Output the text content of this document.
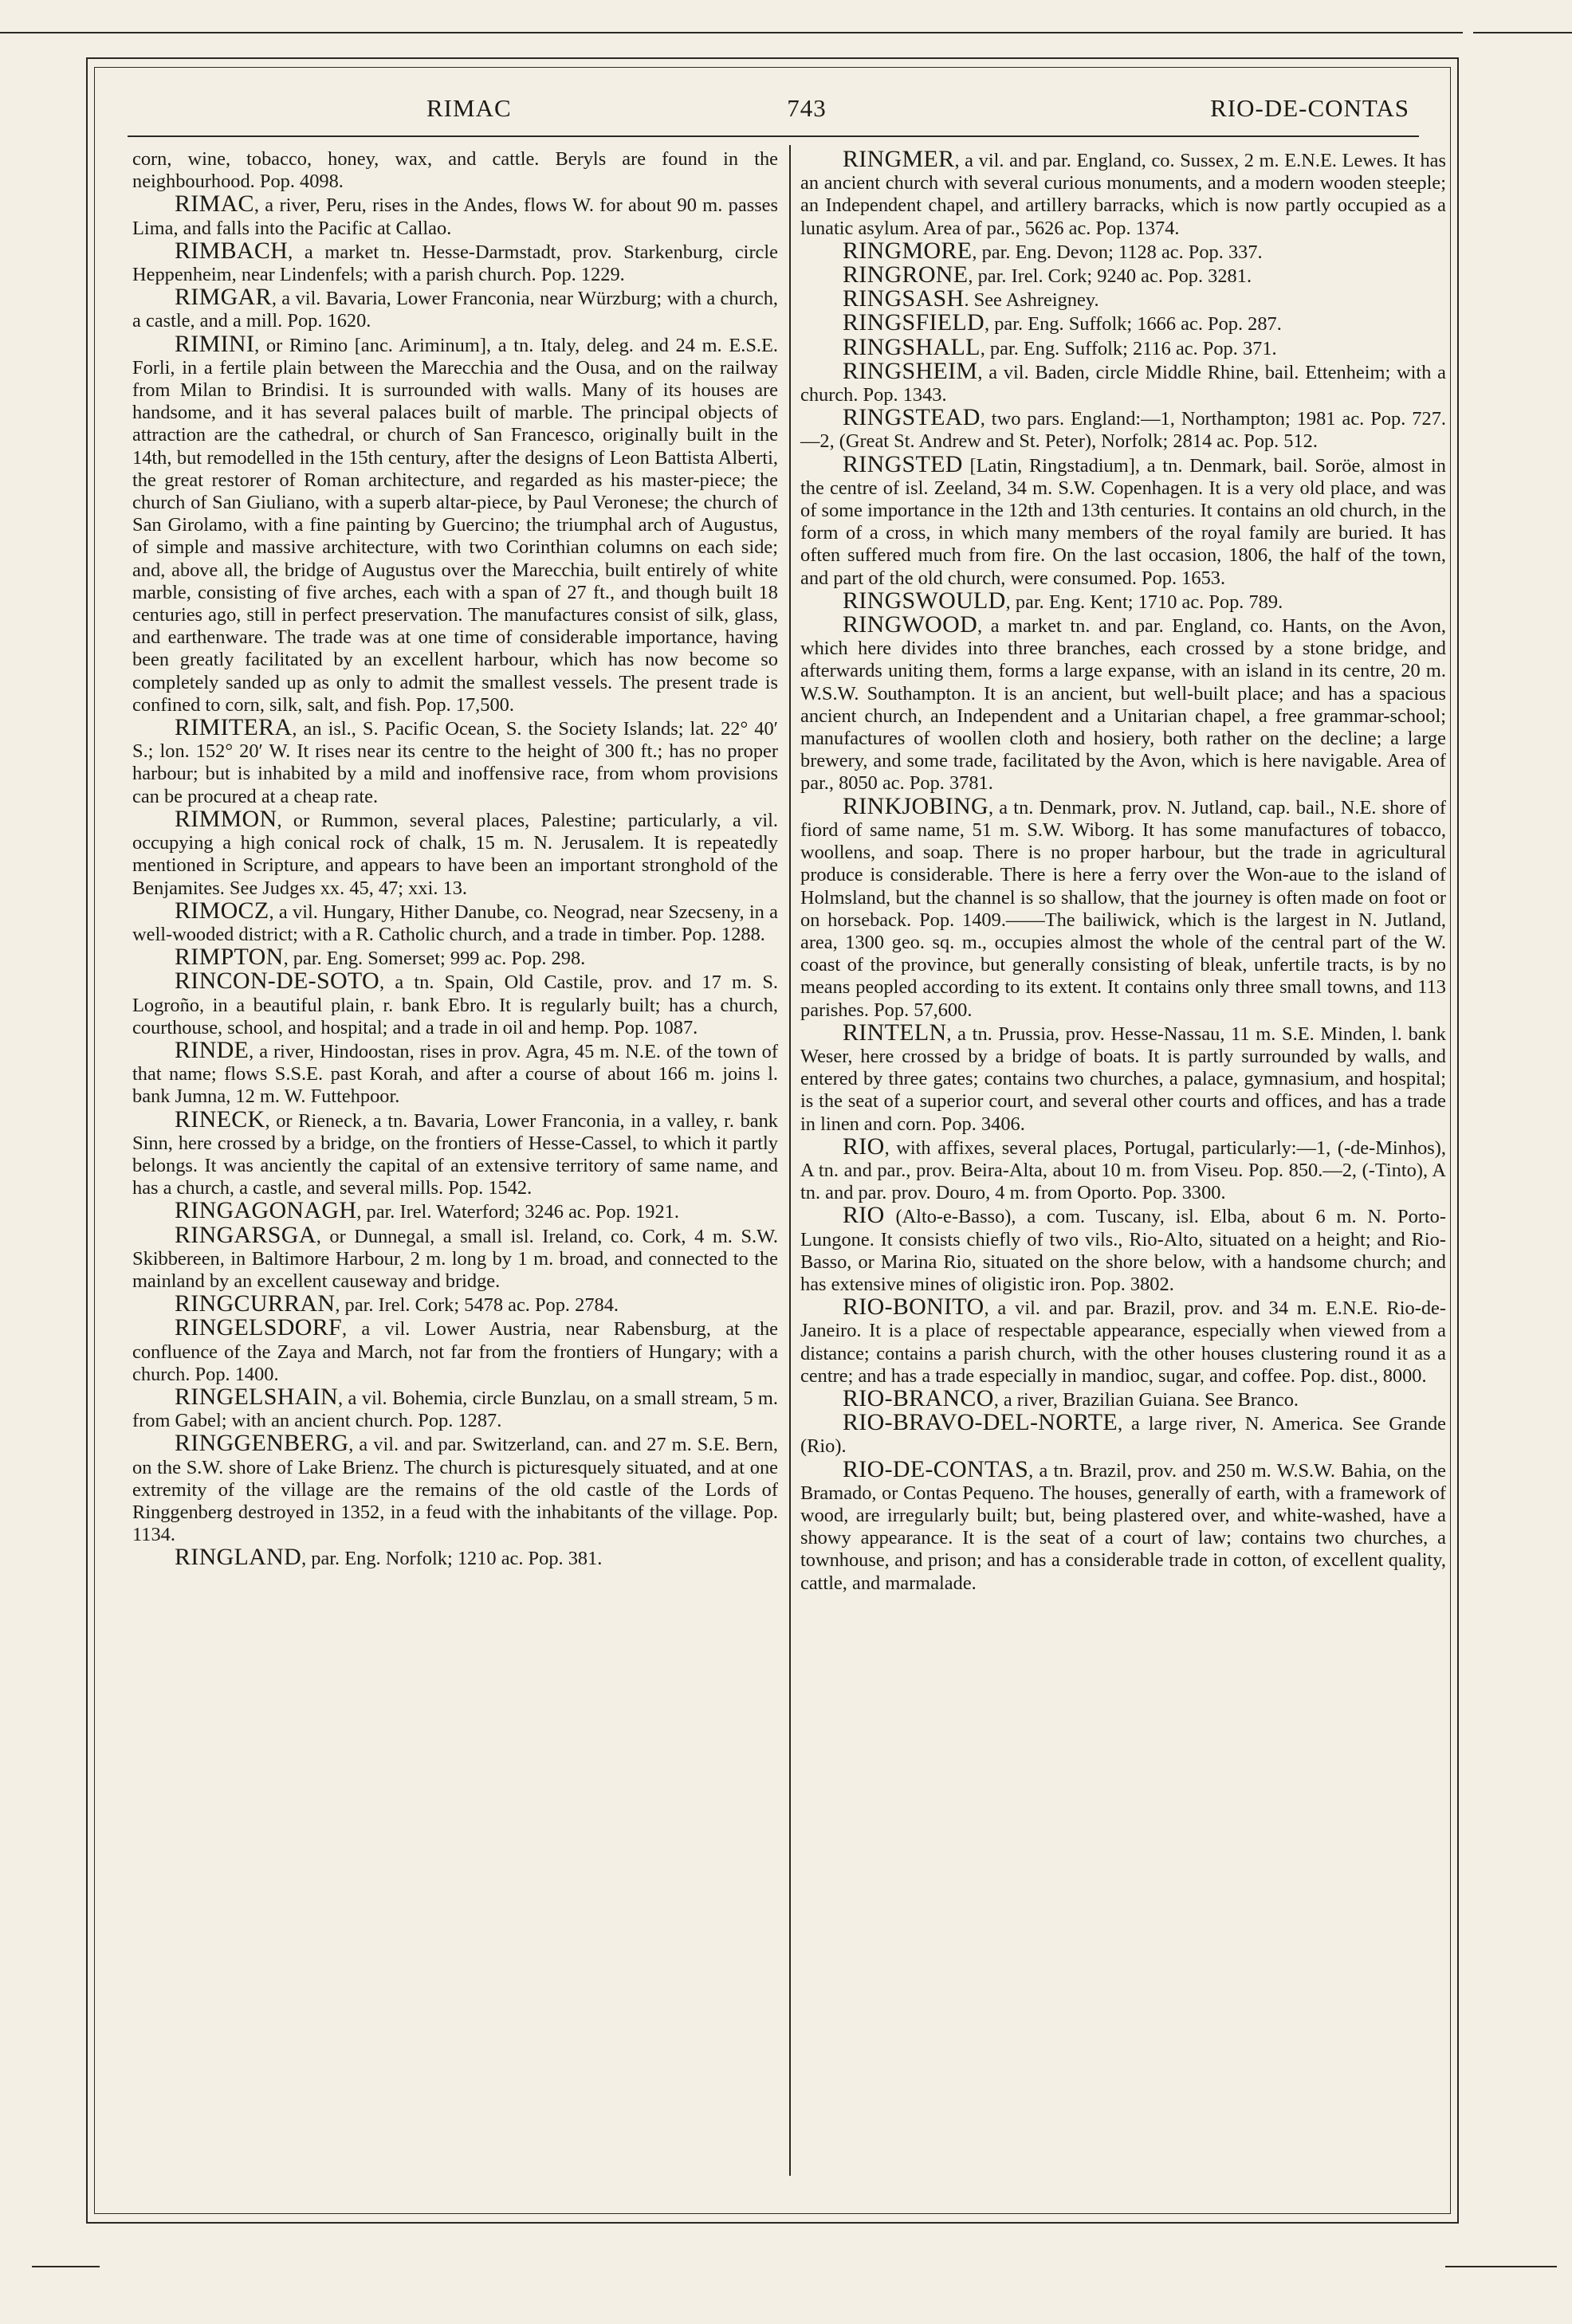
RIMAC	743	RIO-DE-CONTAS

corn, wine, tobacco, honey, wax, and cattle. Beryls are found in the neighbourhood. Pop. 4098.

RIMAC, a river, Peru, rises in the Andes, flows W. for about 90 m. passes Lima, and falls into the Pacific at Callao.

RIMBACH, a market tn. Hesse-Darmstadt, prov. Starkenburg, circle Heppenheim, near Lindenfels; with a parish church. Pop. 1229.

RIMGAR, a vil. Bavaria, Lower Franconia, near Würzburg; with a church, a castle, and a mill. Pop. 1620.

RIMINI, or Rimino [anc. Ariminum], a tn. Italy, deleg. and 24 m. E.S.E. Forli, in a fertile plain between the Marecchia and the Ousa, and on the railway from Milan to Brindisi. It is surrounded with walls. Many of its houses are handsome, and it has several palaces built of marble. The principal objects of attraction are the cathedral, or church of San Francesco, originally built in the 14th, but remodelled in the 15th century, after the designs of Leon Battista Alberti, the great restorer of Roman architecture, and regarded as his master-piece; the church of San Giuliano, with a superb altar-piece, by Paul Veronese; the church of San Girolamo, with a fine painting by Guercino; the triumphal arch of Augustus, of simple and massive architecture, with two Corinthian columns on each side; and, above all, the bridge of Augustus over the Marecchia, built entirely of white marble, consisting of five arches, each with a span of 27 ft., and though built 18 centuries ago, still in perfect preservation. The manufactures consist of silk, glass, and earthenware. The trade was at one time of considerable importance, having been greatly facilitated by an excellent harbour, which has now become so completely sanded up as only to admit the smallest vessels. The present trade is confined to corn, silk, salt, and fish. Pop. 17,500.

RIMITERA, an isl., S. Pacific Ocean, S. the Society Islands; lat. 22° 40′ S.; lon. 152° 20′ W. It rises near its centre to the height of 300 ft.; has no proper harbour; but is inhabited by a mild and inoffensive race, from whom provisions can be procured at a cheap rate.

RIMMON, or Rummon, several places, Palestine; particularly, a vil. occupying a high conical rock of chalk, 15 m. N. Jerusalem. It is repeatedly mentioned in Scripture, and appears to have been an important stronghold of the Benjamites. See Judges xx. 45, 47; xxi. 13.

RIMOCZ, a vil. Hungary, Hither Danube, co. Neograd, near Szecseny, in a well-wooded district; with a R. Catholic church, and a trade in timber. Pop. 1288.

RIMPTON, par. Eng. Somerset; 999 ac. Pop. 298.

RINCON-DE-SOTO, a tn. Spain, Old Castile, prov. and 17 m. S. Logroño, in a beautiful plain, r. bank Ebro. It is regularly built; has a church, courthouse, school, and hospital; and a trade in oil and hemp. Pop. 1087.

RINDE, a river, Hindoostan, rises in prov. Agra, 45 m. N.E. of the town of that name; flows S.S.E. past Korah, and after a course of about 166 m. joins l. bank Jumna, 12 m. W. Futtehpoor.

RINECK, or Rieneck, a tn. Bavaria, Lower Franconia, in a valley, r. bank Sinn, here crossed by a bridge, on the frontiers of Hesse-Cassel, to which it partly belongs. It was anciently the capital of an extensive territory of same name, and has a church, a castle, and several mills. Pop. 1542.

RINGAGONAGH, par. Irel. Waterford; 3246 ac. Pop. 1921.

RINGARSGA, or Dunnegal, a small isl. Ireland, co. Cork, 4 m. S.W. Skibbereen, in Baltimore Harbour, 2 m. long by 1 m. broad, and connected to the mainland by an excellent causeway and bridge.

RINGCURRAN, par. Irel. Cork; 5478 ac. Pop. 2784.

RINGELSDORF, a vil. Lower Austria, near Rabensburg, at the confluence of the Zaya and March, not far from the frontiers of Hungary; with a church. Pop. 1400.

RINGELSHAIN, a vil. Bohemia, circle Bunzlau, on a small stream, 5 m. from Gabel; with an ancient church. Pop. 1287.

RINGGENBERG, a vil. and par. Switzerland, can. and 27 m. S.E. Bern, on the S.W. shore of Lake Brienz. The church is picturesquely situated, and at one extremity of the village are the remains of the old castle of the Lords of Ringgenberg destroyed in 1352, in a feud with the inhabitants of the village. Pop. 1134.

RINGLAND, par. Eng. Norfolk; 1210 ac. Pop. 381.

RINGMER, a vil. and par. England, co. Sussex, 2 m. E.N.E. Lewes. It has an ancient church with several curious monuments, and a modern wooden steeple; an Independent chapel, and artillery barracks, which is now partly occupied as a lunatic asylum. Area of par., 5626 ac. Pop. 1374.

RINGMORE, par. Eng. Devon; 1128 ac. Pop. 337.

RINGRONE, par. Irel. Cork; 9240 ac. Pop. 3281.

RINGSASH. See Ashreigney.

RINGSFIELD, par. Eng. Suffolk; 1666 ac. Pop. 287.

RINGSHALL, par. Eng. Suffolk; 2116 ac. Pop. 371.

RINGSHEIM, a vil. Baden, circle Middle Rhine, bail. Ettenheim; with a church. Pop. 1343.

RINGSTEAD, two pars. England:—1, Northampton; 1981 ac. Pop. 727.—2, (Great St. Andrew and St. Peter), Norfolk; 2814 ac. Pop. 512.

RINGSTED [Latin, Ringstadium], a tn. Denmark, bail. Soröe, almost in the centre of isl. Zeeland, 34 m. S.W. Copenhagen. It is a very old place, and was of some importance in the 12th and 13th centuries. It contains an old church, in the form of a cross, in which many members of the royal family are buried. It has often suffered much from fire. On the last occasion, 1806, the half of the town, and part of the old church, were consumed. Pop. 1653.

RINGSWOULD, par. Eng. Kent; 1710 ac. Pop. 789.

RINGWOOD, a market tn. and par. England, co. Hants, on the Avon, which here divides into three branches, each crossed by a stone bridge, and afterwards uniting them, forms a large expanse, with an island in its centre, 20 m. W.S.W. Southampton. It is an ancient, but well-built place; and has a spacious ancient church, an Independent and a Unitarian chapel, a free grammar-school; manufactures of woollen cloth and hosiery, both rather on the decline; a large brewery, and some trade, facilitated by the Avon, which is here navigable. Area of par., 8050 ac. Pop. 3781.

RINKJOBING, a tn. Denmark, prov. N. Jutland, cap. bail., N.E. shore of fiord of same name, 51 m. S.W. Wiborg. It has some manufactures of tobacco, woollens, and soap. There is no proper harbour, but the trade in agricultural produce is considerable. There is here a ferry over the Won-aue to the island of Holmsland, but the channel is so shallow, that the journey is often made on foot or on horseback. Pop. 1409.——The bailiwick, which is the largest in N. Jutland, area, 1300 geo. sq. m., occupies almost the whole of the central part of the W. coast of the province, but generally consisting of bleak, unfertile tracts, is by no means peopled according to its extent. It contains only three small towns, and 113 parishes. Pop. 57,600.

RINTELN, a tn. Prussia, prov. Hesse-Nassau, 11 m. S.E. Minden, l. bank Weser, here crossed by a bridge of boats. It is partly surrounded by walls, and entered by three gates; contains two churches, a palace, gymnasium, and hospital; is the seat of a superior court, and several other courts and offices, and has a trade in linen and corn. Pop. 3406.

RIO, with affixes, several places, Portugal, particularly:—1, (-de-Minhos), A tn. and par., prov. Beira-Alta, about 10 m. from Viseu. Pop. 850.—2, (-Tinto), A tn. and par. prov. Douro, 4 m. from Oporto. Pop. 3300.

RIO (Alto-e-Basso), a com. Tuscany, isl. Elba, about 6 m. N. Porto-Lungone. It consists chiefly of two vils., Rio-Alto, situated on a height; and Rio-Basso, or Marina Rio, situated on the shore below, with a handsome church; and has extensive mines of oligistic iron. Pop. 3802.

RIO-BONITO, a vil. and par. Brazil, prov. and 34 m. E.N.E. Rio-de-Janeiro. It is a place of respectable appearance, especially when viewed from a distance; contains a parish church, with the other houses clustering round it as a centre; and has a trade especially in mandioc, sugar, and coffee. Pop. dist., 8000.

RIO-BRANCO, a river, Brazilian Guiana. See Branco.

RIO-BRAVO-DEL-NORTE, a large river, N. America. See Grande (Rio).

RIO-DE-CONTAS, a tn. Brazil, prov. and 250 m. W.S.W. Bahia, on the Bramado, or Contas Pequeno. The houses, generally of earth, with a framework of wood, are irregularly built; but, being plastered over, and white-washed, have a showy appearance. It is the seat of a court of law; contains two churches, a townhouse, and prison; and has a considerable trade in cotton, of excellent quality, cattle, and marmalade.
